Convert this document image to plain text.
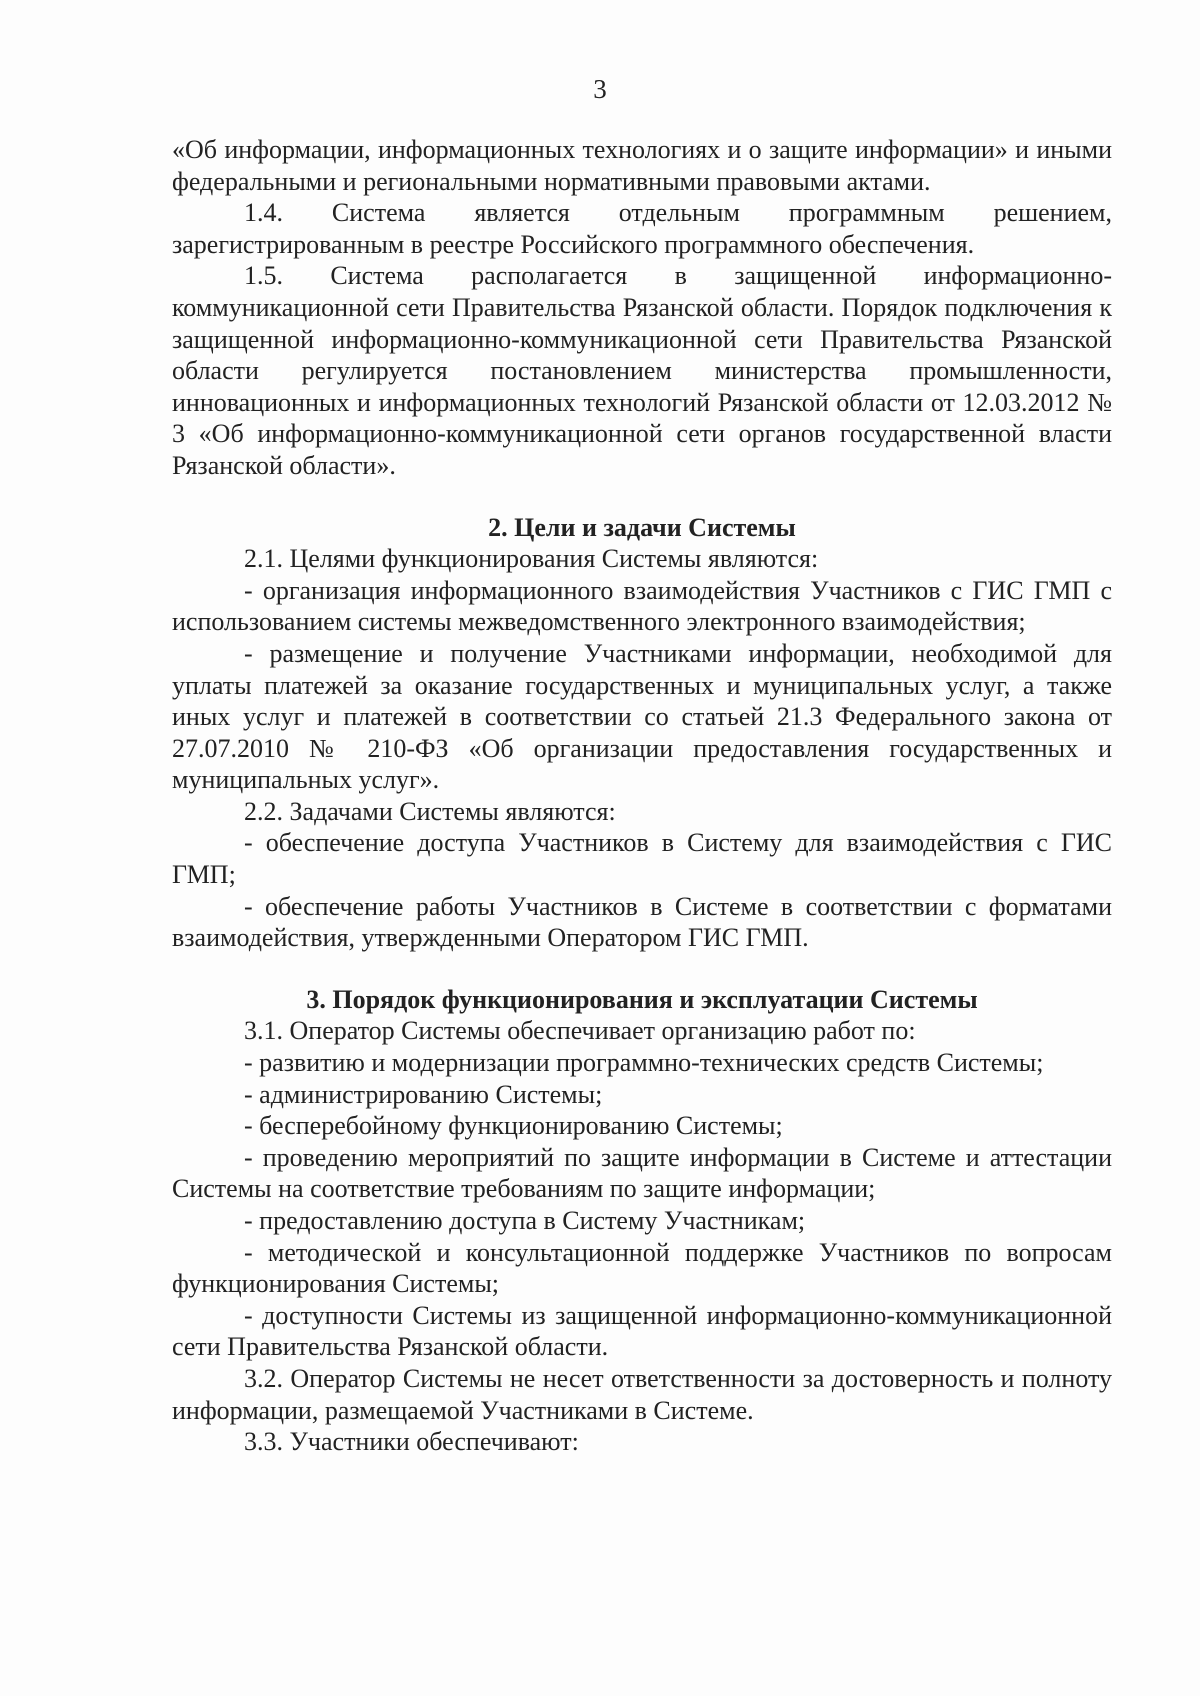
3

«Об информации, информационных технологиях и о защите информации» и иными федеральными и региональными нормативными правовыми актами.

1.4. Система является отдельным программным решением, зарегистрированным в реестре Российского программного обеспечения.

1.5. Система располагается в защищенной информационно-коммуникационной сети Правительства Рязанской области. Порядок подключения к защищенной информационно-коммуникационной сети Правительства Рязанской области регулируется постановлением министерства промышленности, инновационных и информационных технологий Рязанской области от 12.03.2012 № 3 «Об информационно-коммуникационной сети органов государственной власти Рязанской области».

2. Цели и задачи Системы

2.1. Целями функционирования Системы являются:

- организация информационного взаимодействия Участников с ГИС ГМП с использованием системы межведомственного электронного взаимодействия;

- размещение и получение Участниками информации, необходимой для уплаты платежей за оказание государственных и муниципальных услуг, а также иных услуг и платежей в соответствии со статьей 21.3 Федерального закона от 27.07.2010 № 210-ФЗ «Об организации предоставления государственных и муниципальных услуг».

2.2. Задачами Системы являются:

- обеспечение доступа Участников в Систему для взаимодействия с ГИС ГМП;

- обеспечение работы Участников в Системе в соответствии с форматами взаимодействия, утвержденными Оператором ГИС ГМП.

3. Порядок функционирования и эксплуатации Системы

3.1. Оператор Системы обеспечивает организацию работ по:

- развитию и модернизации программно-технических средств Системы;

- администрированию Системы;

- бесперебойному функционированию Системы;

- проведению мероприятий по защите информации в Системе и аттестации Системы на соответствие требованиям по защите информации;

- предоставлению доступа в Систему Участникам;

- методической и консультационной поддержке Участников по вопросам функционирования Системы;

- доступности Системы из защищенной информационно-коммуникационной сети Правительства Рязанской области.

3.2. Оператор Системы не несет ответственности за достоверность и полноту информации, размещаемой Участниками в Системе.

3.3. Участники обеспечивают:
